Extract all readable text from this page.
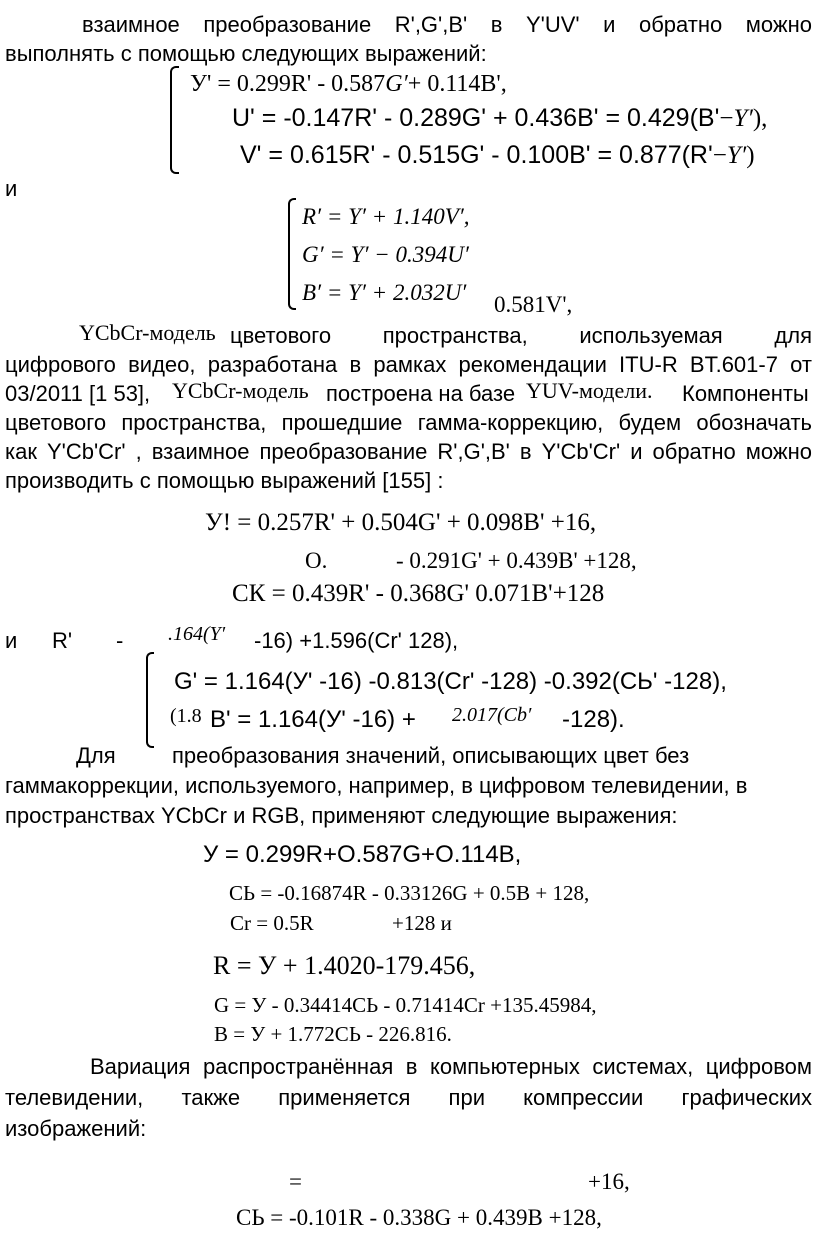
взаимное преобразование R',G',B' в Y'UV' и обратно можно
выполнять с помощью следующих выражений:
У' = 0.299R' - 0.587G′+ 0.114B',
U' = -0.147R' - 0.289G' + 0.436B' = 0.429(B'−Y′),
V' = 0.615R' - 0.515G' - 0.100B' = 0.877(R'−Y′)
и
R′ = Y′ + 1.140V′,
G′ = Y′ − 0.394U′
B′ = Y′ + 2.032U′ 0.581V',
YCbCr-модель цветового пространства, используемая для
цифрового видео, разработана в рамках рекомендации ITU-R BT.601-7 от
03/2011 [1 53], YCbCr-модель построена на базе YUV-модели. Компоненты
цветового пространства, прошедшие гамма-коррекцию, будем обозначать
как Y'Cb'Cr' , взаимное преобразование R',G',B' в Y'Cb'Cr' и обратно можно
производить с помощью выражений [155] :
У! = 0.257R' + 0.504G' + 0.098B' +16,
О.	- 0.291G' + 0.439B' +128,
СК = 0.439R' - 0.368G' 0.071B'+128
и R' - .164(Y′ -16) +1.596(Cr' 128),
G' = 1.164(У' -16) -0.813(Cr' -128) -0.392(СЬ' -128),
(1.8 B' = 1.164(У' -16) + 2.017(Cb′ -128).
Для	преобразования значений, описывающих цвет без
гаммакоррекции, используемого, например, в цифровом телевидении, в
пространствах YCbCr и RGB, применяют следующие выражения:
У = 0.299R+О.587G+О.114В,
СЬ = -0.16874R - 0.33126G + 0.5В + 128,
Cr = 0.5R	+128 и
R = У + 1.4020-179.456,
G = У - 0.34414СЬ - 0.71414Cr +135.45984,
В = У + 1.772СЬ - 226.816.
Вариация распространённая в компьютерных системах, цифровом
телевидении, также применяется при компрессии графических
изображений:
=	+16,
СЬ = -0.101R - 0.338G + 0.439В +128,
